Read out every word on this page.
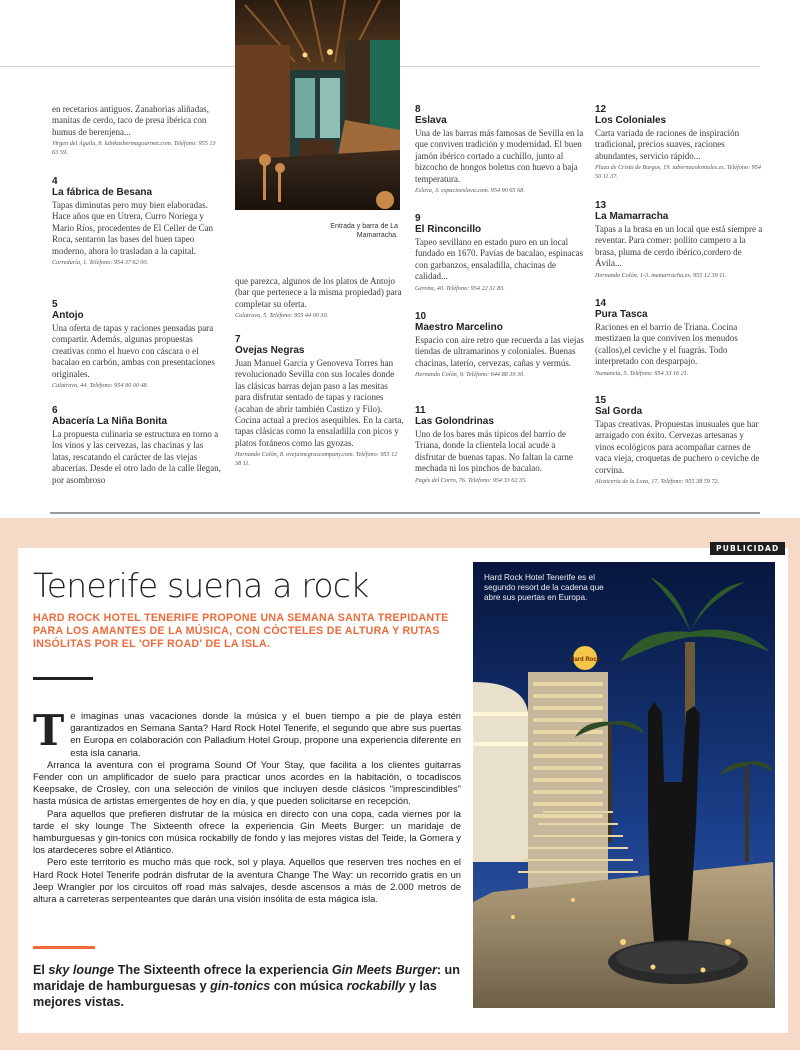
Entrada y barra de La Mamarracha.
en recetarios antiguos. Zanahorias aliñadas, manitas de cerdo, taco de presa ibérica con humus de berenjena...
Virgen del Águila, 8. labikasbermagourmet.com. Teléfono: 955 13 63 59.
4
La fábrica de Besana
Tapas diminutas pero muy bien elaboradas. Hace años que en Utrera, Curro Noriega y Mario Ríos, procedentes de El Celler de Can Roca, sentaron las bases del buen tapeo moderno, ahora lo trasladan a la capital.
Correduría, 1. Teléfono: 954 37 62 00.
5
Antojo
Una oferta de tapas y raciones pensadas para compartir. Además, algunas propuestas creativas como el huevo con cáscara o el bacalao en carbón, ambas con presentaciones originales.
Calatrava, 44. Teléfono: 954 90 00 48.
6
Abacería La Niña Bonita
La propuesta culinaria se estructura en torno a los vinos y las cervezas, las chacinas y las latas, rescatando el carácter de las viejas abacerías. Desde el otro lado de la calle llegan, por asombroso
que parezca, algunos de los platos de Antojo (bar que pertenece a la misma propiedad) para completar su oferta.
Calatrava, 5. Teléfono: 955 44 00 30.
7
Ovejas Negras
Juan Manuel García y Genoveva Torres han revolucionado Sevilla con sus locales donde las clásicas barras dejan paso a las mesitas para disfrutar sentado de tapas y raciones (acaban de abrir también Castizo y Filo). Cocina actual a precios asequibles. En la carta, tapas clásicas como la ensaladilla con picos y platos foráneos como las gyozas.
Hernando Colón, 8. ovejasnegrascompany.com. Teléfono: 955 12 38 11.
8
Eslava
Una de las barras más famosas de Sevilla en la que conviven tradición y modernidad. El buen jamón ibérico cortado a cuchillo, junto al bizcocho de hongos boletus con huevo a baja temperatura.
Eslava, 3. espacioeslava.com. 954 90 65 68.
9
El Rinconcillo
Tapeo sevillano en estado puro en un local fundado en 1670. Pavías de bacalao, espinacas con garbanzos, ensaladilla, chacinas de calidad...
Gerona, 40. Teléfono: 954 22 31 83.
10
Maestro Marcelino
Espacio con aire retro que recuerda a las viejas tiendas de ultramarinos y coloniales. Buenas chacinas, laterío, cervezas, cañas y vermús.
Hernando Colón, 9. Teléfono: 644 88 39 30.
11
Las Golondrinas
Uno de los bares más típicos del barrio de Triana, donde la clientela local acude a disfrutar de buenas tapas. No faltan la carne mechada ni los pinchos de bacalao.
Pagés del Corro, 76. Teléfono: 954 33 62 35.
12
Los Coloniales
Carta variada de raciones de inspiración tradicional, precios suaves, raciones abundantes, servicio rápido...
Plaza de Cristo de Burgos, 19. tabernacoloniales.es. Teléfono: 954 50 11 37.
13
La Mamarracha
Tapas a la brasa en un local que está siempre a reventar. Para comer: pollito campero a la brasa, pluma de cerdo ibérico,cordero de Ávila...
Hernando Colón, 1-3. mamarracha.es. 955 12 39 11.
14
Pura Tasca
Raciones en el barrio de Triana. Cocina mestizaen la que conviven los menudos (callos),el ceviche y el fuagrás. Todo interpretado con desparpajo.
Numancia, 5. Teléfono: 954 33 16 21.
15
Sal Gorda
Tapas creativas. Propuestas inusuales que har arraigado con éxito. Cervezas artesanas y vinos ecológicos para acompañar carnes de vaca vieja, croquetas de puchero o ceviche de corvina.
Alcaicería de la Loza, 17. Teléfono: 955 38 59 72.
PUBLICIDAD
Tenerife suena a rock
HARD ROCK HOTEL TENERIFE PROPONE UNA SEMANA SANTA TREPIDANTE PARA LOS AMANTES DE LA MÚSICA, CON CÓCTELES DE ALTURA Y RUTAS INSÓLITAS POR EL 'OFF ROAD' DE LA ISLA.

Te imaginas unas vacaciones donde la música y el buen tiempo a pie de playa estén garantizados en Semana Santa? Hard Rock Hotel Tenerife, el segundo que abre sus puertas en Europa en colaboración con Palladium Hotel Group, propone una experiencia diferente en esta isla canaria.

Arranca la aventura con el programa Sound Of Your Stay, que facilita a los clientes guitarras Fender con un amplificador de suelo para practicar unos acordes en la habitación, o tocadiscos Keepsake, de Crosley, con una selección de vinilos que incluyen desde clásicos "imprescindibles" hasta música de artistas emergentes de hoy en día, y que pueden solicitarse en recepción.

Para aquellos que prefieren disfrutar de la música en directo con una copa, cada viernes por la tarde el sky lounge The Sixteenth ofrece la experiencia Gin Meets Burger: un maridaje de hamburguesas y gin-tonics con música rockabilly de fondo y las mejores vistas del Teide, la Gomera y los atardeceres sobre el Atlántico.

Pero este territorio es mucho más que rock, sol y playa. Aquellos que reserven tres noches en el Hard Rock Hotel Tenerife podrán disfrutar de la aventura Change The Way: un recorrido gratis en un Jeep Wrangler por los circuitos off road más salvajes, desde ascensos a más de 2.000 metros de altura a carreteras serpenteantes que darán una visión insólita de esta mágica isla.

El sky lounge The Sixteenth ofrece la experiencia Gin Meets Burger: un maridaje de hamburguesas y gin-tonics con música rockabilly y las mejores vistas.
Hard Rock
Hard Rock Hotel Tenerife es el segundo resort de la cadena que abre sus puertas en Europa.
